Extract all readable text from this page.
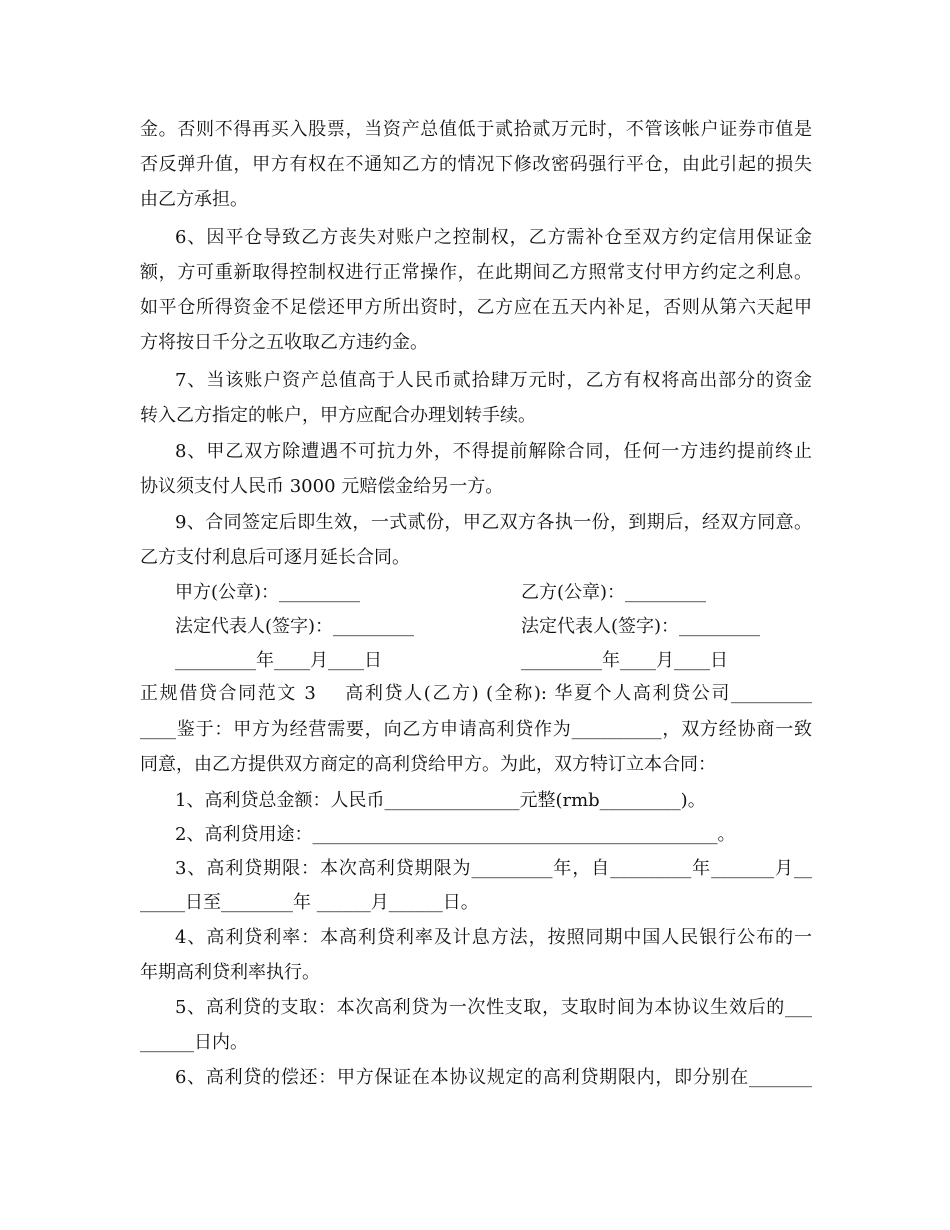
金。否则不得再买入股票，当资产总值低于贰拾贰万元时，不管该帐户证券市值是
否反弹升值，甲方有权在不通知乙方的情况下修改密码强行平仓，由此引起的损失
由乙方承担。
6、因平仓导致乙方丧失对账户之控制权，乙方需补仓至双方约定信用保证金
额，方可重新取得控制权进行正常操作，在此期间乙方照常支付甲方约定之利息。
如平仓所得资金不足偿还甲方所出资时，乙方应在五天内补足，否则从第六天起甲
方将按日千分之五收取乙方违约金。
7、当该账户资产总值高于人民币贰拾肆万元时，乙方有权将高出部分的资金
转入乙方指定的帐户，甲方应配合办理划转手续。
8、甲乙双方除遭遇不可抗力外，不得提前解除合同，任何一方违约提前终止
协议须支付人民币 3000 元赔偿金给另一方。
9、合同签定后即生效，一式贰份，甲乙双方各执一份，到期后，经双方同意。
乙方支付利息后可逐月延长合同。
甲方(公章)：_________	乙方(公章)：_________
法定代表人(签字)：_________	法定代表人(签字)：_________
_________年____月____日	_________年____月____日
正规借贷合同范文 3    高利贷人(乙方) (全称): 华夏个人高利贷公司_________
____鉴于：甲方为经营需要，向乙方申请高利贷作为__________，双方经协商一致
同意，由乙方提供双方商定的高利贷给甲方。为此，双方特订立本合同：
1、高利贷总金额：人民币_______________元整(rmb_________)。
2、高利贷用途：_____________________________________________。
3、高利贷期限：本次高利贷期限为_________年，自_________年_______月__
_____日至________年 ______月______日。
4、高利贷利率：本高利贷利率及计息方法，按照同期中国人民银行公布的一
年期高利贷利率执行。
5、高利贷的支取：本次高利贷为一次性支取，支取时间为本协议生效后的___
______日内。
6、高利贷的偿还：甲方保证在本协议规定的高利贷期限内，即分别在_______
